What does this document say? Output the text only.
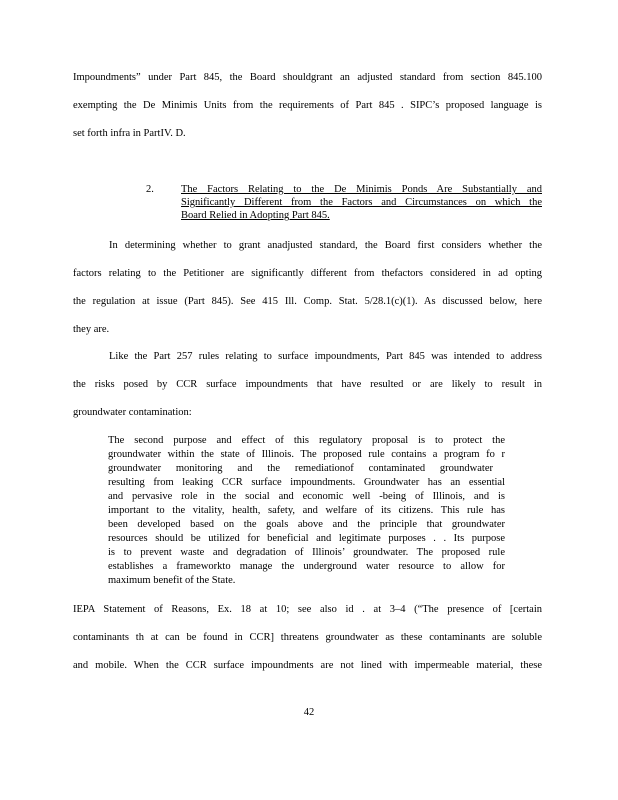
Impoundments” under Part 845, the Board shouldgrant an adjusted standard from section 845.100
exempting the De Minimis Units from the requirements of Part 845 . SIPC’s proposed language is
set forth infra in PartIV. D.
2.	The Factors Relating to the De Minimis Ponds Are Substantially and
Significantly Different from the Factors and Circumstances on which the
Board Relied in Adopting Part 845.
In determining whether to grant anadjusted standard, the Board first considers whether the
factors relating to the Petitioner are significantly different from thefactors considered in ad opting
the regulation at issue (Part 845). See 415 Ill. Comp. Stat. 5/28.1(c)(1). As discussed below, here
they are.
Like the Part 257 rules relating to surface impoundments, Part 845 was intended to address
the risks posed by CCR surface impoundments that have resulted or are likely to result in
groundwater contamination:
The second purpose and effect of this regulatory proposal is to protect the
groundwater within the state of Illinois. The proposed rule contains a program fo r
groundwater monitoring and the remediationof contaminated groundwater
resulting from leaking CCR surface impoundments. Groundwater has an essential
and pervasive role in the social and economic well -being of Illinois, and is
important to the vitality, health, safety, and welfare of its citizens. This rule has
been developed based on the goals above and the principle that groundwater
resources should be utilized for beneficial and legitimate purposes . . Its purpose
is to prevent waste and degradation of Illinois’ groundwater. The proposed rule
establishes a frameworkto manage the underground water resource to allow for
maximum benefit of the State.
IEPA Statement of Reasons, Ex. 18 at 10; see also id . at 3–4 (“The presence of [certain
contaminants th at can be found in CCR] threatens groundwater as these contaminants are soluble
and mobile. When the CCR surface impoundments are not lined with impermeable material, these
42
